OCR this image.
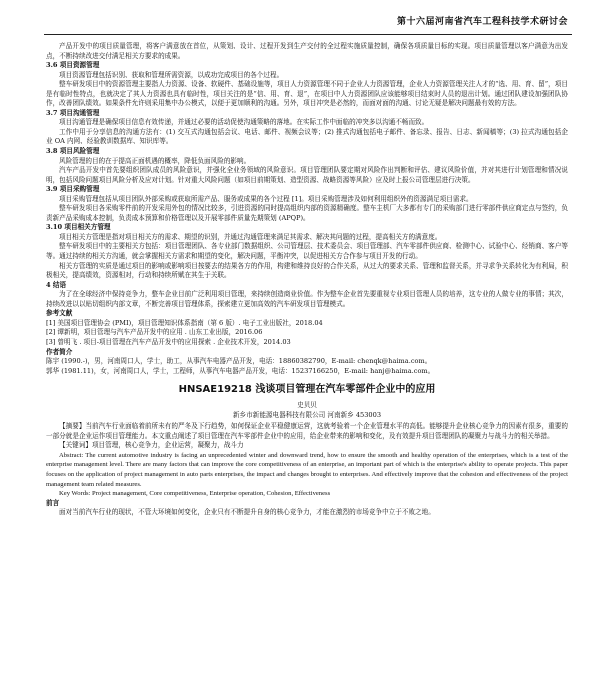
第十六届河南省汽车工程科技学术研讨会

产品开发中的项目质量管理，将客户满意放在首位，从策划、设计、过程开发到生产交付的全过程实施质量控制，确保各项质量目标的实现。项目质量管理以客户满意为出发点，不断持续改进交付满足相关方要求的成果。

3.6 项目资源管理

项目资源管理包括识别、获取和管理所需资源，以成功完成项目的各个过程。

整车研发项目中的资源管理主要指人力资源、设备、软硬件、基础设施等，项目人力资源管理不同于企业人力资源管理，企业人力资源管理关注人才的“选、用、育、留”，项目是有临时性特点，也就决定了其人力资源也具有临时性，项目关注的是“信、用、育、退”，在项目中人力资源团队应该能够项目结束时人员的退出计划。通过团队建设加强团队协作，改善团队绩效。如果条件允许则采用集中办公模式，以便于更加顺利的沟通。另外，项目冲突是必然的，而面对面的沟通、讨论无疑是解决问题最有效的方法。

3.7 项目沟通管理

项目沟通管理是确保项目信息有效传递，并通过必要的活动促使沟通策略的落地。在实际工作中面临的冲突多以沟通不畅而致。

工作中用于分享信息的沟通方法有：(1) 交互式沟通包括会议、电话、邮件、视频会议等；(2) 推式沟通包括电子邮件、备忘录、报告、日志、新闻稿等；(3) 拉式沟通包括企业 OA 内网、经验教训数据库、知识库等。

3.8 项目风险管理

风险管理的目的在于提高正面机遇的概率，降低负面风险的影响。

汽车产品开发中首先要组织团队成员的风险意识，并强化全业务领域的风险意识。项目管理团队要定期对风险作出判断和评估、建议风险价值，并对其进行计划管理和情况说明，包括风险问题项目风险分析及应对计划。针对重大风险问题（如项目前期策划、造型资源、战略资源等风险）应及时上报公司管理层进行决策。

3.9 项目采购管理

项目采购管理包括从项目团队外部采购或获取所需产品、服务或成果的各个过程 [1]。项目采购管理涉及如何利用组织外的资源满足项目需求。

整车研发项目各采购零件前的开发采用外包的情况比较多，引进资源的同时提高组织内部的资源精确度。整车主机厂大多都有专门的采购部门进行零部件供应商定点与签约，负责新产品采购成本控制，负责成本预算和价格管理以及开展零部件质量先期策划 (APQP)。

3.10 项目相关方管理

项目相关方管理是指对项目相关方的需求、期望的识别，并通过沟通管理来满足其需求、解决其问题的过程，提高相关方的满意度。

整车研发项目中的主要相关方包括：项目管理团队、各专业部门数据组织、公司管理层、技术委员会、项目管理部、汽车零部件供应商、检测中心、试验中心、经销商、客户等等。通过持续的相关方沟通，就会掌握相关方需求和期望的变化，解决问题，平衡冲突，以促进相关方合作参与项目开发的行动。

相关方管理的实质是通过项目的影响或影响项目按要去的结果各方的作用，构建和维持良好的合作关系，从过大的要求关系、管理和监督关系，并寻求争关系转化为有利局，积极相关，提高绩效，资源相对，行动和持续所赋在其生于关联。

4 结语

为了在全球经济中保持竞争力，整车企业目前广泛利用项目管理，来持续创造商业价值。作为整车企业首先要重视专业项目管理人员的培养，这专业的人做专业的事情；其次，持续改进以以贴切组织内部文章，不断完善项目管理体系，探索建立更加高效的汽车研发项目管理模式。

参考文献

[1] 美国项目管理协会 (PMI)，项目管理知识体系指南（第 6 版）. 电子工业出版社，2018.04

[2] 谭新明，项目管理与汽车产品开发中的应用 . 山东工业出版，2016.06

[3] 曾明飞 . 项目-项目管理在汽车产品开发中的应用探索 . 企业技术开发，2014.03

作者简介

陈宇 (1990.-)，男，河南周口人，学士，助工，从事汽车电器产品开发，电话：18860382790，E-mail: chenqk@haima.com。

郭华 (1981.11)，女，河南周口人，学士，工程师，从事汽车电器产品开发，电话：15237166250，E-mail: hanj@haima.com。

HNSAE19218 浅谈项目管理在汽车零部件企业中的应用

史贝贝

新乡市新能源电器科技有限公司 河南新乡 453003

【摘要】当前汽车行业面临着前所未有的严冬及下行趋势，如何保证企业平稳健康运营，这就考验着一个企业管理水平的高低。能够提升企业核心竞争力的因素有很多，重要的一部分就是企业运作项目管理能力。本文重点阐述了项目管理在汽车零部件企业中的应用，给企业带来的影响和变化，及有效提升项目管理团队的凝聚力与战斗力的相关举措。

【关键词】项目管理，核心竞争力，企业运营，凝聚力，战斗力

Abstract: The current automotive industry is facing an unprecedented winter and downward trend, how to ensure the smooth and healthy operation of the enterprises, which is a test of the enterprise management level. There are many factors that can improve the core competitiveness of an enterprise, an important part of which is the enterprise's ability to operate projects. This paper focuses on the application of project management in auto parts enterprises, the impact and changes brought to enterprises. And effectively improve that the cohesion and effectiveness of the project management team related measures.

Key Words: Project management, Core competitiveness, Enterprise operation, Cohesion, Effectiveness

前言

面对当前汽车行业的现状，不管大环境如何变化，企业只有不断提升自身的核心竞争力，才能在激烈的市场竞争中立于不败之地。
